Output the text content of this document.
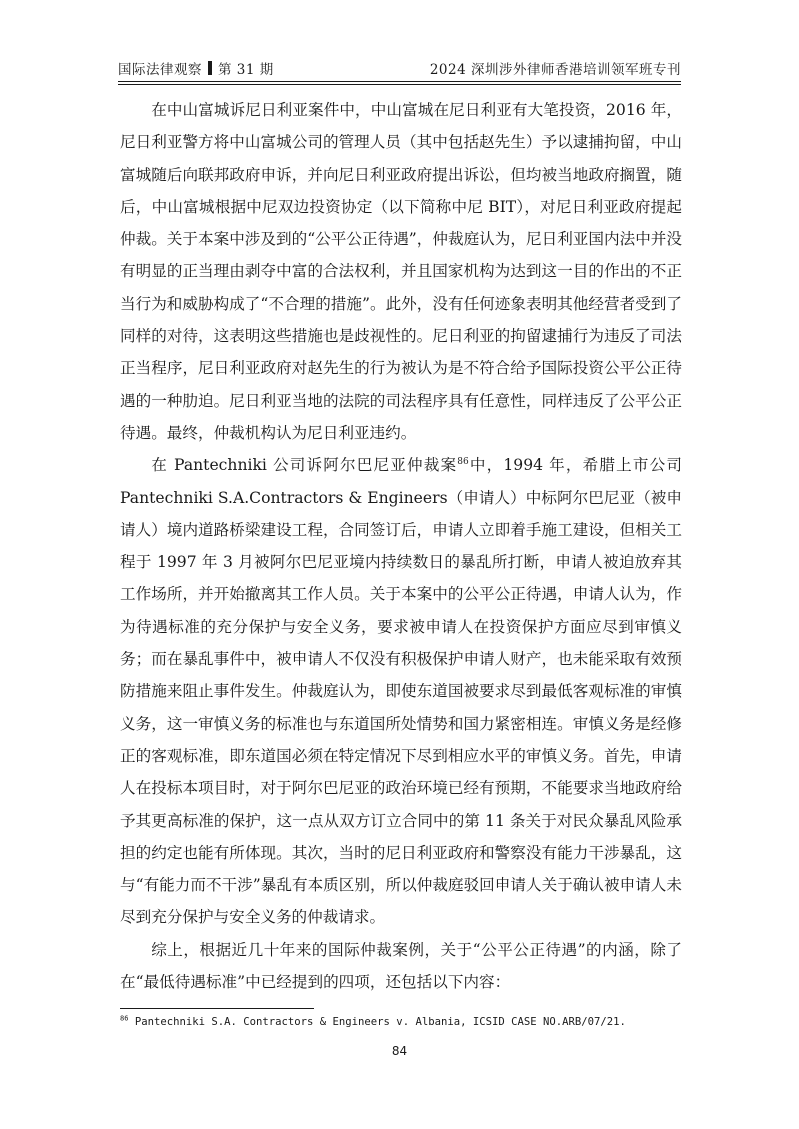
国际法律观察 第 31 期	2024 深圳涉外律师香港培训领军班专刊

在中山富城诉尼日利亚案件中，中山富城在尼日利亚有大笔投资，2016 年，尼日利亚警方将中山富城公司的管理人员（其中包括赵先生）予以逮捕拘留，中山富城随后向联邦政府申诉，并向尼日利亚政府提出诉讼，但均被当地政府搁置，随后，中山富城根据中尼双边投资协定（以下简称中尼 BIT），对尼日利亚政府提起仲裁。关于本案中涉及到的“公平公正待遇”，仲裁庭认为，尼日利亚国内法中并没有明显的正当理由剥夺中富的合法权利，并且国家机构为达到这一目的作出的不正当行为和威胁构成了“不合理的措施”。此外，没有任何迹象表明其他经营者受到了同样的对待，这表明这些措施也是歧视性的。尼日利亚的拘留逮捕行为违反了司法正当程序，尼日利亚政府对赵先生的行为被认为是不符合给予国际投资公平公正待遇的一种肋迫。尼日利亚当地的法院的司法程序具有任意性，同样违反了公平公正待遇。最终，仲裁机构认为尼日利亚违约。

在 Pantechniki 公司诉阿尔巴尼亚仲裁案$^{86}$中，1994 年，希腊上市公司 Pantechniki S.A.Contractors & Engineers（申请人）中标阿尔巴尼亚（被申请人）境内道路桥梁建设工程，合同签订后，申请人立即着手施工建设，但相关工程于 1997 年 3 月被阿尔巴尼亚境内持续数日的暴乱所打断，申请人被迫放弃其工作场所，并开始撤离其工作人员。关于本案中的公平公正待遇，申请人认为，作为待遇标准的充分保护与安全义务，要求被申请人在投资保护方面应尽到审慎义务；而在暴乱事件中，被申请人不仅没有积极保护申请人财产，也未能采取有效预防措施来阻止事件发生。仲裁庭认为，即使东道国被要求尽到最低客观标准的审慎义务，这一审慎义务的标准也与东道国所处情势和国力紧密相连。审慎义务是经修正的客观标准，即东道国必须在特定情况下尽到相应水平的审慎义务。首先，申请人在投标本项目时，对于阿尔巴尼亚的政治环境已经有预期，不能要求当地政府给予其更高标准的保护，这一点从双方订立合同中的第 11 条关于对民众暴乱风险承担的约定也能有所体现。其次，当时的尼日利亚政府和警察没有能力干涉暴乱，这与“有能力而不干涉”暴乱有本质区别，所以仲裁庭驳回申请人关于确认被申请人未尽到充分保护与安全义务的仲裁请求。

综上，根据近几十年来的国际仲裁案例，关于“公平公正待遇”的内涵，除了在“最低待遇标准”中已经提到的四项，还包括以下内容：

$^{86}$ Pantechniki S.A. Contractors & Engineers v. Albania, ICSID CASE NO.ARB/07/21.
84
